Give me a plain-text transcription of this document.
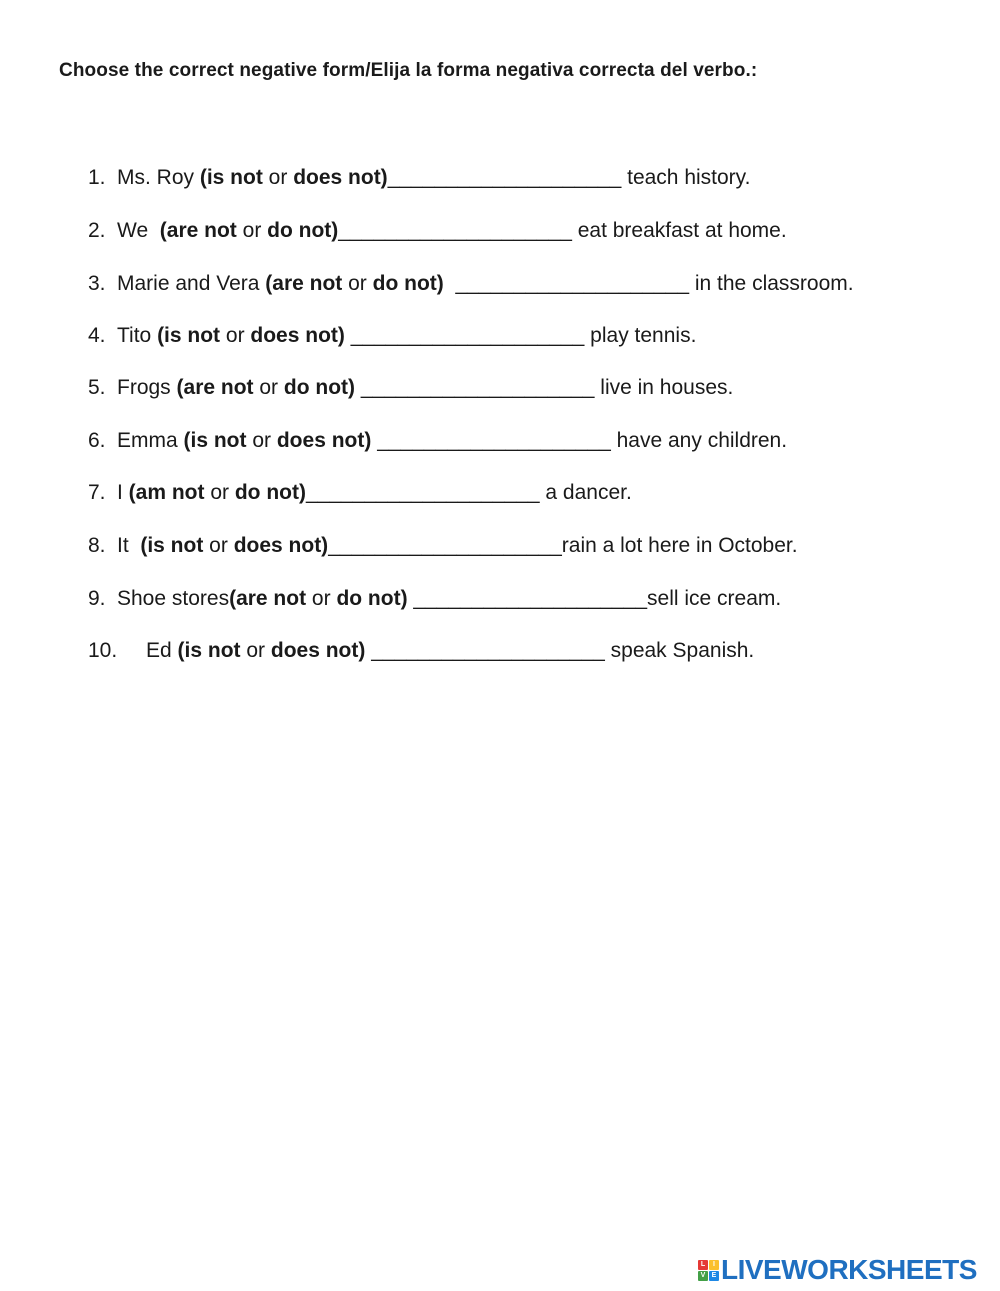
Choose the correct negative form/Elija la forma negativa correcta del verbo.:
1. Ms. Roy (is not or does not)____________________ teach history.
2. We  (are not or do not)____________________ eat breakfast at home.
3. Marie and Vera (are not or do not) ____________________ in the classroom.
4. Tito (is not or does not) ____________________ play tennis.
5. Frogs (are not or do not) ____________________ live in houses.
6. Emma (is not or does not) ____________________ have any children.
7. I (am not or do not)____________________ a dancer.
8. It  (is not or does not)____________________rain a lot here in October.
9. Shoe stores(are not or do not) ____________________sell ice cream.
10. Ed (is not or does not) ____________________ speak Spanish.
L	I
V E LIVEWORKSHEETS
